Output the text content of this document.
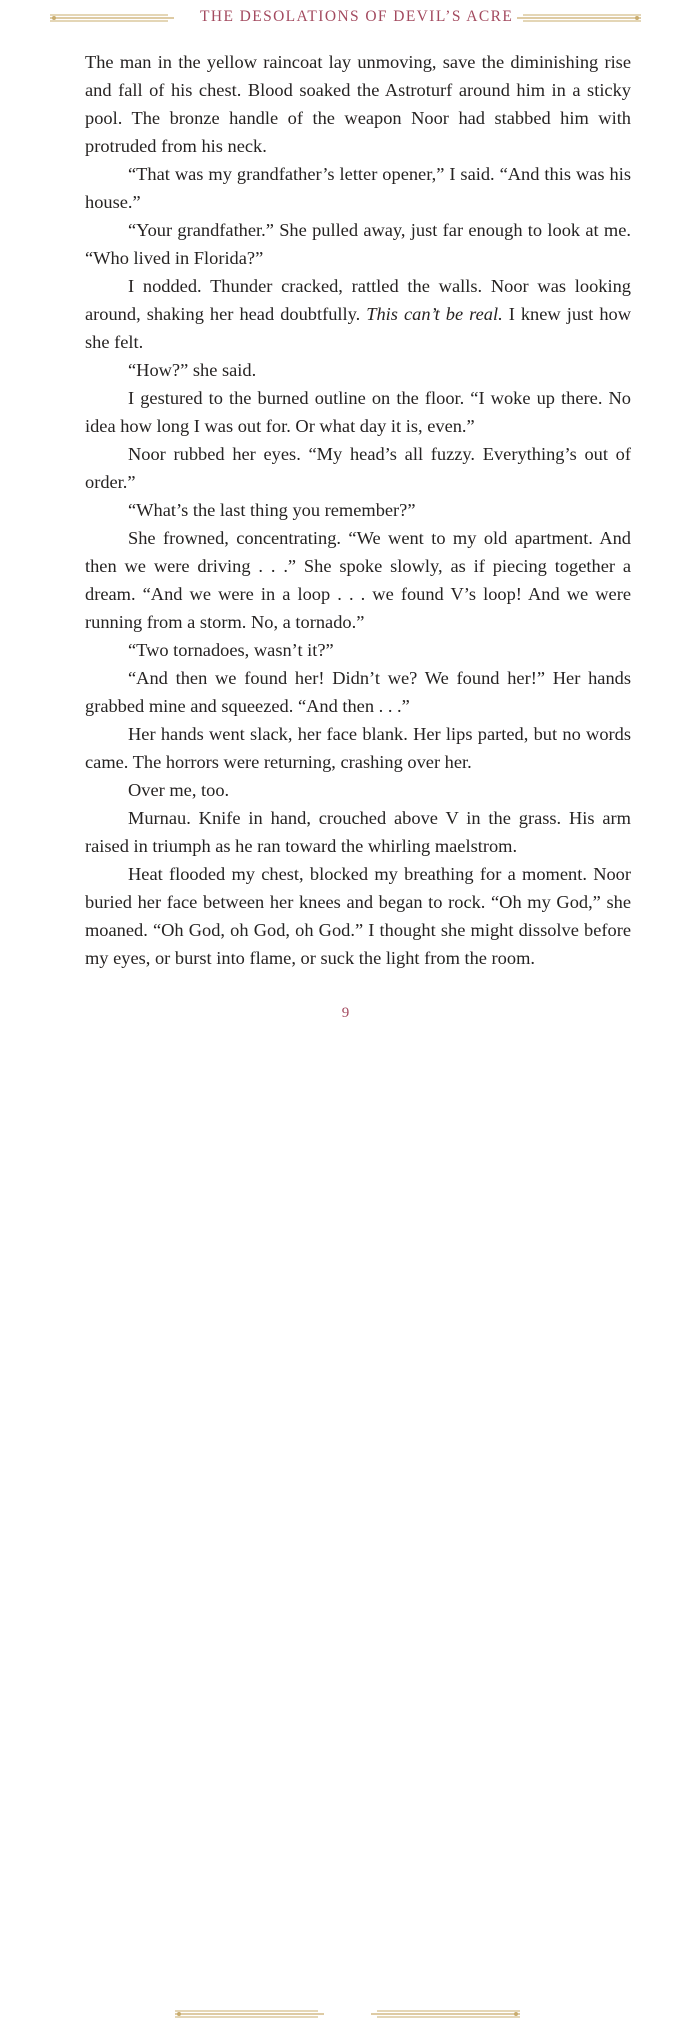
THE DESOLATIONS OF DEVIL’S ACRE

The man in the yellow raincoat lay unmoving, save the diminishing rise and fall of his chest. Blood soaked the Astroturf around him in a sticky pool. The bronze handle of the weapon Noor had stabbed him with protruded from his neck.

“That was my grandfather’s letter opener,” I said. “And this was his house.”

“Your grandfather.” She pulled away, just far enough to look at me. “Who lived in Florida?”

I nodded. Thunder cracked, rattled the walls. Noor was looking around, shaking her head doubtfully. This can’t be real. I knew just how she felt.

“How?” she said.

I gestured to the burned outline on the floor. “I woke up there. No idea how long I was out for. Or what day it is, even.”

Noor rubbed her eyes. “My head’s all fuzzy. Everything’s out of order.”

“What’s the last thing you remember?”

She frowned, concentrating. “We went to my old apartment. And then we were driving . . .” She spoke slowly, as if piecing together a dream. “And we were in a loop . . . we found V’s loop! And we were running from a storm. No, a tornado.”

“Two tornadoes, wasn’t it?”

“And then we found her! Didn’t we? We found her!” Her hands grabbed mine and squeezed. “And then . . .”

Her hands went slack, her face blank. Her lips parted, but no words came. The horrors were returning, crashing over her.

Over me, too.

Murnau. Knife in hand, crouched above V in the grass. His arm raised in triumph as he ran toward the whirling maelstrom.

Heat flooded my chest, blocked my breathing for a moment. Noor buried her face between her knees and began to rock. “Oh my God,” she moaned. “Oh God, oh God, oh God.” I thought she might dissolve before my eyes, or burst into flame, or suck the light from the room.

9
